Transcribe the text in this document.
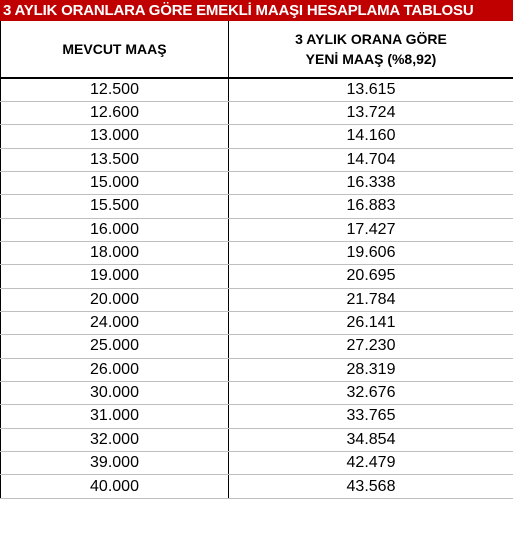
3 AYLIK ORANLARA GÖRE EMEKLİ MAAŞI HESAPLAMA TABLOSU
MEVCUT MAAŞ	3 AYLIK ORANA GÖRE
YENİ MAAŞ (%8,92)

12.500	13.615
12.600	13.724
13.000	14.160
13.500	14.704
15.000	16.338
15.500	16.883
16.000	17.427
18.000	19.606
19.000	20.695
20.000	21.784
24.000	26.141
25.000	27.230
26.000	28.319
30.000	32.676
31.000	33.765
32.000	34.854
39.000	42.479
40.000	43.568
